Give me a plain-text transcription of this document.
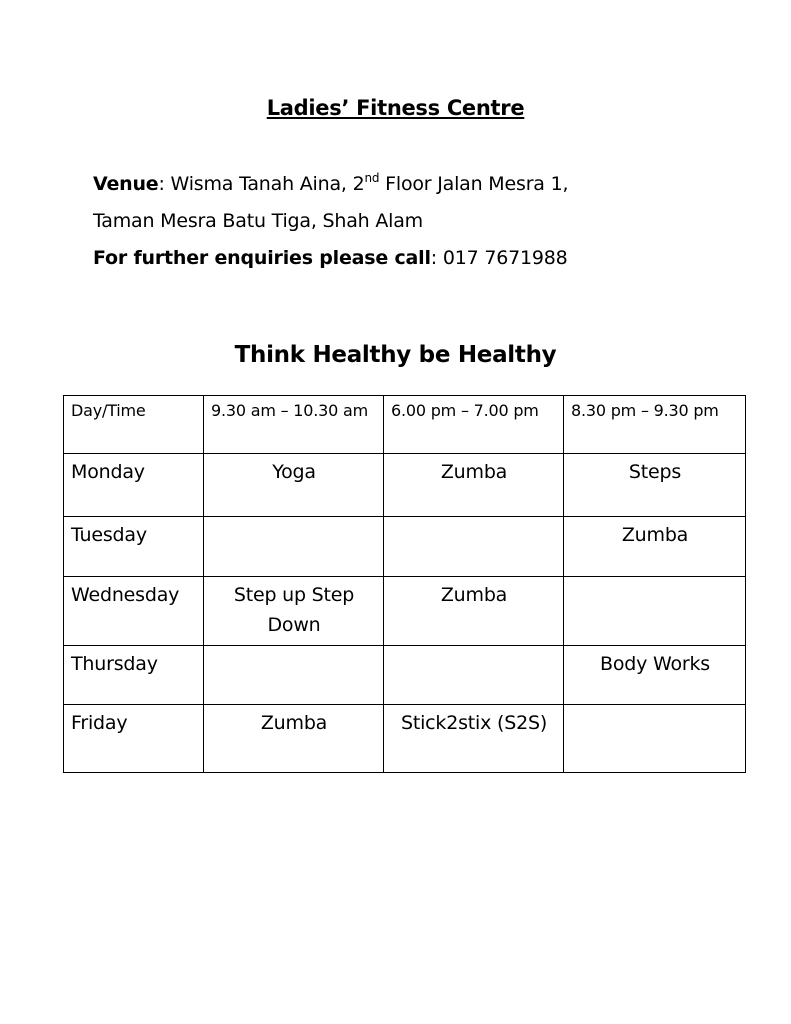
Ladies’ Fitness Centre
Venue: Wisma Tanah Aina, 2nd Floor Jalan Mesra 1,
Taman Mesra Batu Tiga, Shah Alam
For further enquiries please call: 017 7671988
Think Healthy be Healthy
Day/Time	9.30 am – 10.30 am	6.00 pm – 7.00 pm	8.30 pm – 9.30 pm
Monday	Yoga	Zumba	Steps
Tuesday			Zumba
Wednesday	Step up Step Down	Zumba	
Thursday			Body Works
Friday	Zumba	Stick2stix (S2S)	
